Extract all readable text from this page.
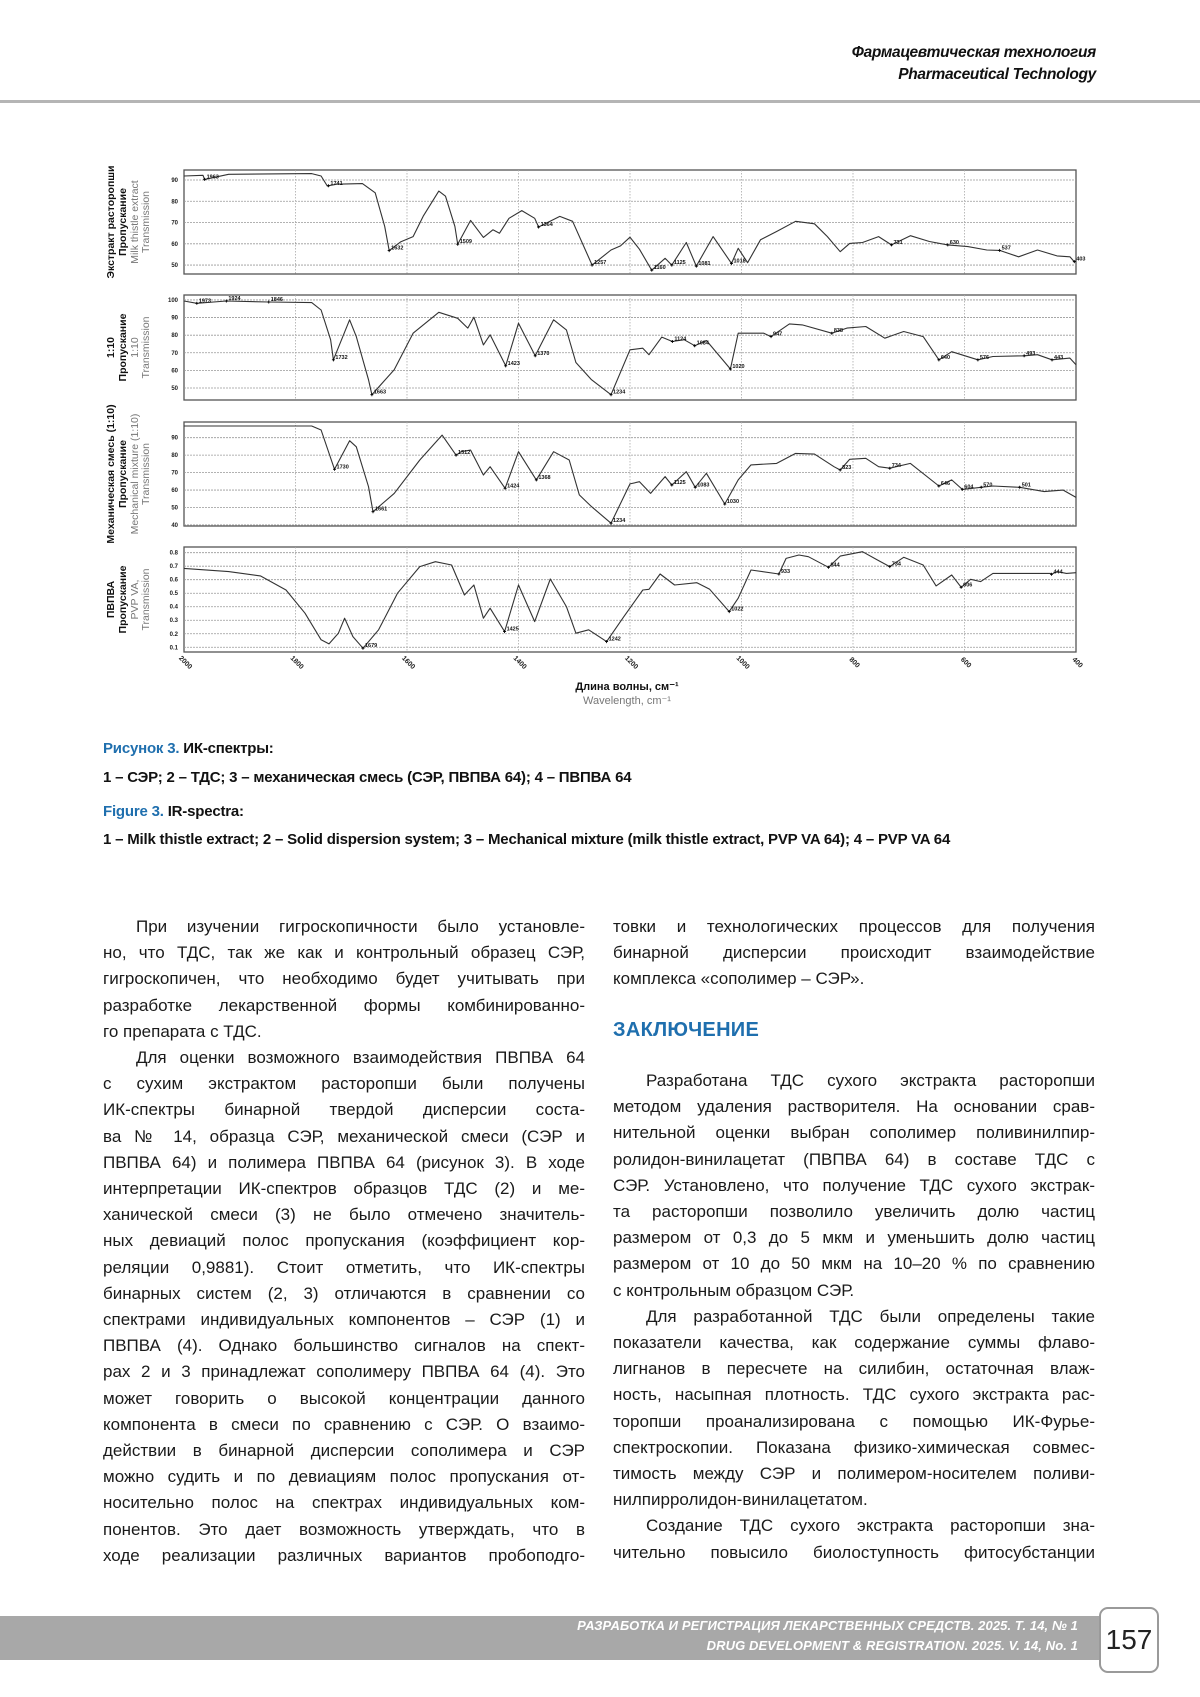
Фармацевтическая технология
Pharmaceutical Technology
50
60
70
80
90
1963
1741
1632
1509
1364
1257
1160
1125 1081	1018
731	630
537
403
Экстракт расторопши Пропускание Milk thistle extract Transmission
50
60
70
80
90
100	1973	1924	1846
1732
1663
1423
1370
1234
1124
1084
1020
947
838
640	576
493
443
1:10 Пропускание 1:10 Transmission
40
50
60
70
80
90
1730
1661
1512
1424
1368
1234
1125 1083
1030
823	734
646
604 570	501
Механическая смесь (1:10) Пропускание Mechanical mixture (1:10) Transmission
0.1
0.2
0.3
0.4
0.5
0.6
0.7
0.8
1679
1425
1242
1022
933
844	734
606
444
ПВПВА Пропускание PVP VA, Transmission
2000	1800	1600	1400	1200	1000	800	600	400
Длина волны, см⁻¹
Wavelength, cm⁻¹
Рисунок 3. ИК-спектры:
1 – СЭР; 2 – ТДС; 3 – механическая смесь (СЭР, ПВПВА 64); 4 – ПВПВА 64
Figure 3. IR-spectra:
1 – Milk thistle extract; 2 – Solid dispersion system; 3 – Mechanical mixture (milk thistle extract, PVP VA 64); 4 – PVP VA 64
При изучении гигроскопичности было установле-
но, что ТДС, так же как и контрольный образец СЭР,
гигроскопичен, что необходимо будет учитывать при
разработке лекарственной формы комбинированно-
го препарата с ТДС.
Для оценки возможного взаимодействия ПВПВА 64
с сухим экстрактом расторопши были получены
ИК-спектры бинарной твердой дисперсии соста-
ва № 14, образца СЭР, механической смеси (СЭР и
ПВПВА 64) и полимера ПВПВА 64 (рисунок 3). В ходе
интерпретации ИК-спектров образцов ТДС (2) и ме-
ханической смеси (3) не было отмечено значитель-
ных девиаций полос пропускания (коэффициент кор-
реляции 0,9881). Стоит отметить, что ИК-спектры
бинарных систем (2, 3) отличаются в сравнении со
спектрами индивидуальных компонентов – СЭР (1) и
ПВПВА (4). Однако большинство сигналов на спект-
рах 2 и 3 принадлежат сополимеру ПВПВА 64 (4). Это
может говорить о высокой концентрации данного
компонента в смеси по сравнению с СЭР. О взаимо-
действии в бинарной дисперсии сополимера и СЭР
можно судить и по девиациям полос пропускания от-
носительно полос на спектрах индивидуальных ком-
понентов. Это дает возможность утверждать, что в
ходе реализации различных вариантов пробоподго-
товки и технологических процессов для получения
бинарной дисперсии происходит взаимодействие
комплекса «сополимер – СЭР».
ЗАКЛЮЧЕНИЕ
Разработана ТДС сухого экстракта расторопши
методом удаления растворителя. На основании срав-
нительной оценки выбран сополимер поливинилпир-
ролидон-винилацетат (ПВПВА 64) в составе ТДС с
СЭР. Установлено, что получение ТДС сухого экстрак-
та расторопши позволило увеличить долю частиц
размером от 0,3 до 5 мкм и уменьшить долю частиц
размером от 10 до 50 мкм на 10–20 % по сравнению
с контрольным образцом СЭР.
Для разработанной ТДС были определены такие
показатели качества, как содержание суммы флаво-
лигнанов в пересчете на силибин, остаточная влаж-
ность, насыпная плотность. ТДС сухого экстракта рас-
торопши проанализирована с помощью ИК-Фурье-
спектроскопии. Показана физико-химическая совмес-
тимость между СЭР и полимером-носителем поливи-
нилпирролидон-винилацетатом.
Создание ТДС сухого экстракта расторопши зна-
чительно повысило биолоступность фитосубстанции
РАЗРАБОТКА И РЕГИСТРАЦИЯ ЛЕКАРСТВЕННЫХ СРЕДСТВ. 2025. Т. 14, № 1
DRUG DEVELOPMENT & REGISTRATION. 2025. V. 14, No. 1 157
